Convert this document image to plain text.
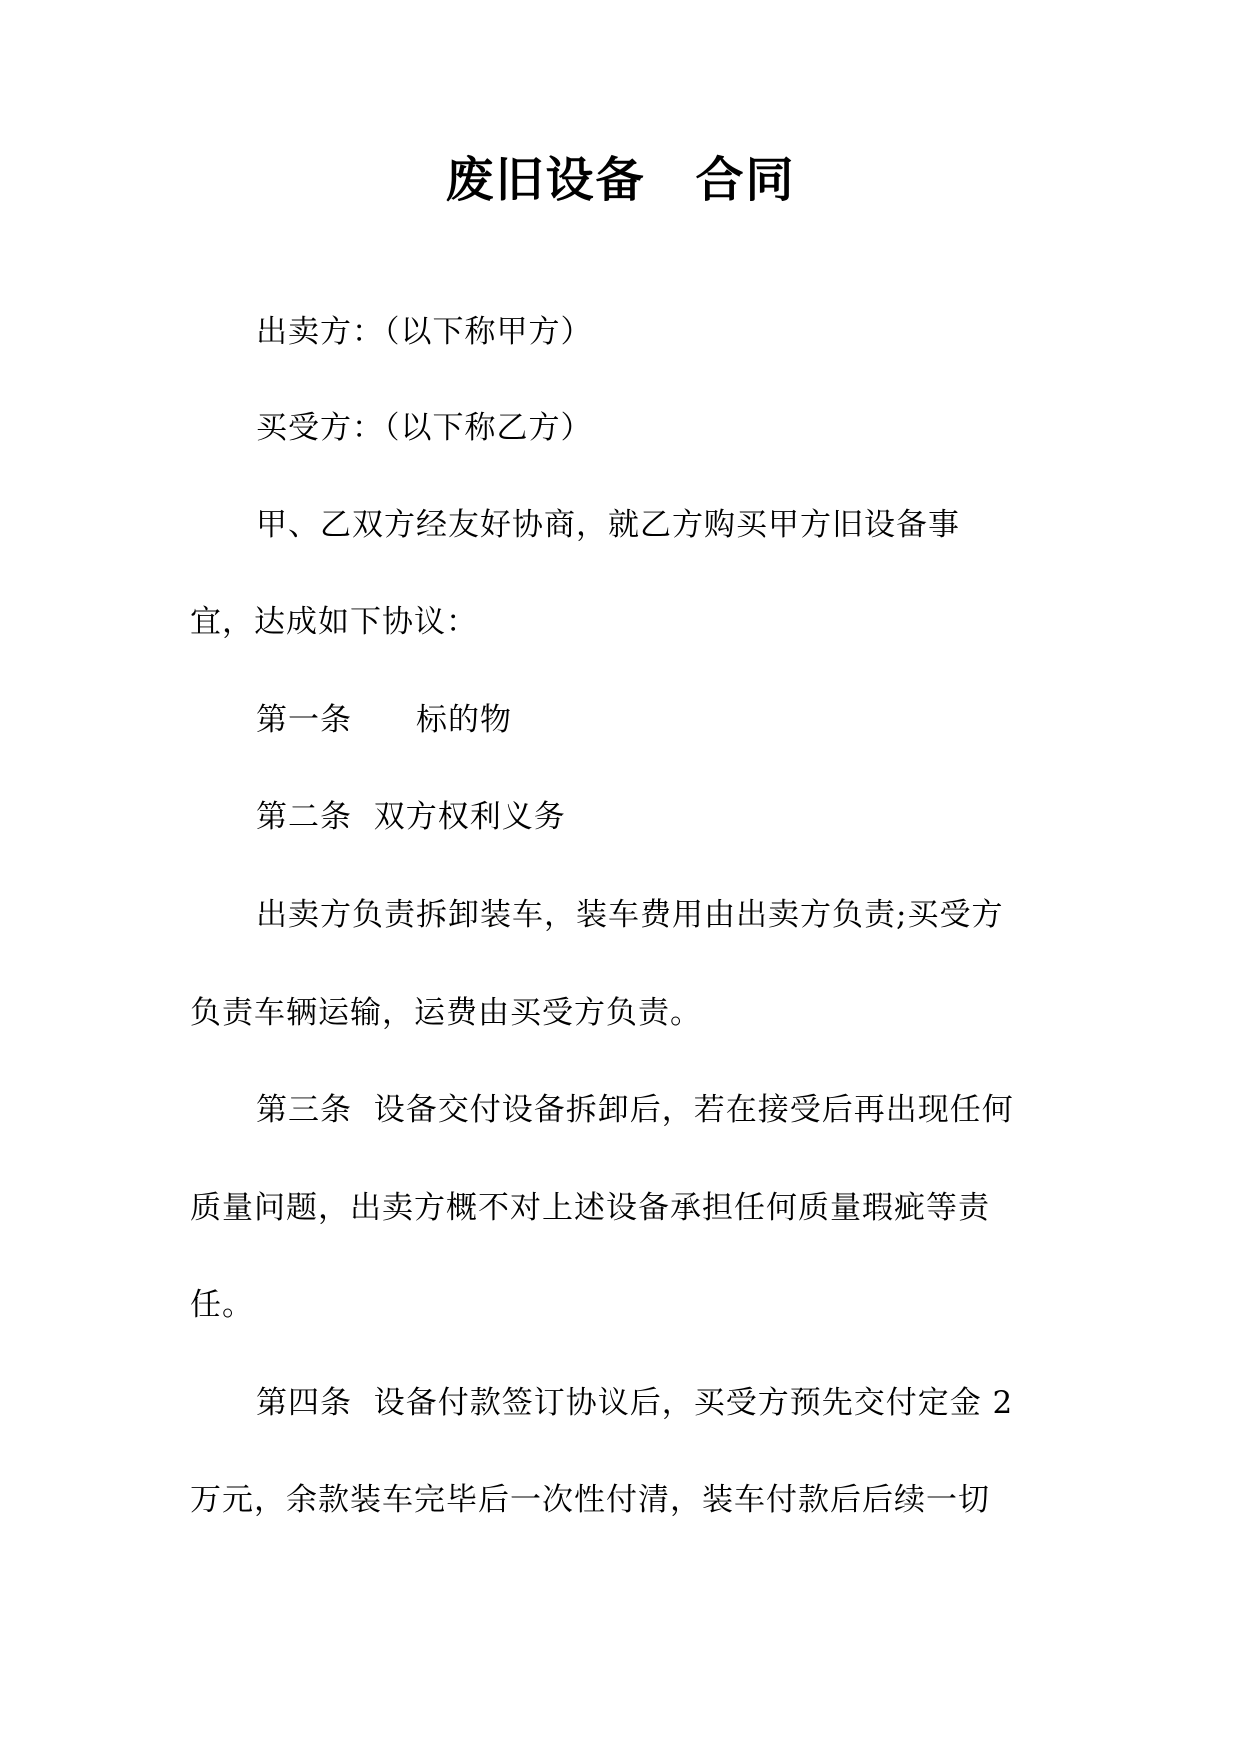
废旧设备　合同
出卖方：（以下称甲方）
买受方：（以下称乙方）
甲、乙双方经友好协商，就乙方购买甲方旧设备事
宜，达成如下协议：
第一条　　标的物
第二条  双方权利义务
出卖方负责拆卸装车，装车费用由出卖方负责;买受方
负责车辆运输，运费由买受方负责。
第三条  设备交付设备拆卸后，若在接受后再出现任何
质量问题，出卖方概不对上述设备承担任何质量瑕疵等责
任。
第四条  设备付款签订协议后，买受方预先交付定金 2
万元，余款装车完毕后一次性付清，装车付款后后续一切
